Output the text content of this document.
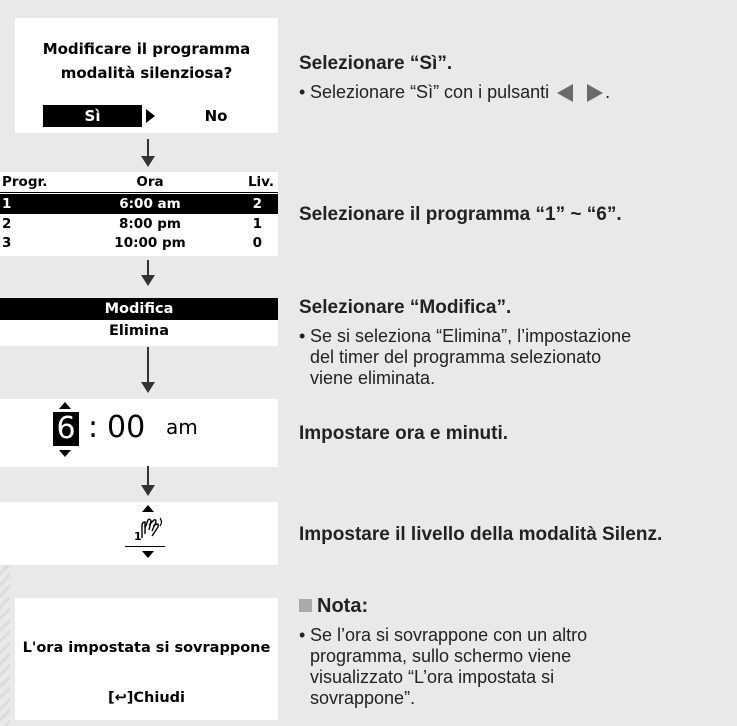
Modificare il programma
modalità silenziosa?
Sì	No
Selezionare “Sì”.
• Selezionare “Sì” con i pulsanti	.
Progr.	Ora	Liv.
1	6:00 am	2
2	8:00 pm	1
3	10:00 pm	0
Selezionare il programma “1” ~ “6”.
Modifica
Elimina
Selezionare “Modifica”.
• Se si seleziona “Elimina”, l’impostazione
del timer del programma selezionato
viene eliminata.
6 : 00 am	Impostare ora e minuti.
1	Impostare il livello della modalità Silenz.
L'ora impostata si sovrappone
[↩]Chiudi
Nota:
• Se l’ora si sovrappone con un altro
programma, sullo schermo viene
visualizzato “L’ora impostata si
sovrappone”.
